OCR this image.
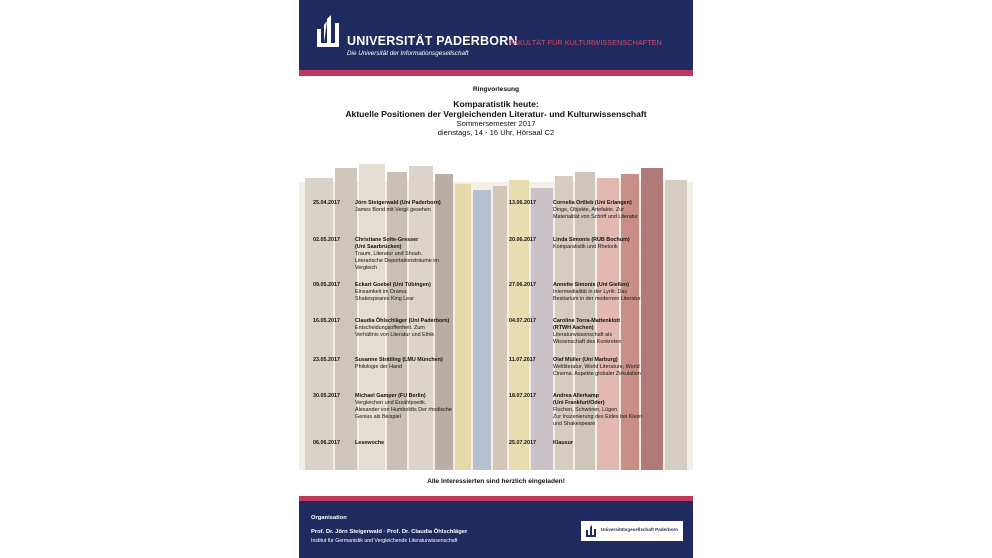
UNIVERSITÄT PADERBORN
Die Universität der Informationsgesellschaft
FAKULTÄT FÜR KULTURWISSENSCHAFTEN
Ringvorlesung
Komparatistik heute:
Aktuelle Positionen der Vergleichenden Literatur- und Kulturwissenschaft
Sommersemester 2017
dienstags, 14 - 16 Uhr, Hörsaal C2
25.04.2017	Jörn Steigerwald (Uni Paderborn)
James Bond mit Vergil gesehen
02.05.2017	Christiane Solte-Gresser
(Uni Saarbrücken)
Traum, Literatur und Shoah.
Literarische Deportationsträume im
Vergleich
09.05.2017	Eckart Goebel (Uni Tübingen)
Einsamkeit im Drama:
Shakespeares King Lear
16.05.2017	Claudia Öhlschläger (Uni Paderborn)
Entscheidungsoffenheit. Zum
Verhältnis von Literatur und Ethik
23.05.2017	Susanne Strätling (LMU München)
Philologie der Hand
30.05.2017	Michael Gamper (FU Berlin)
Vergleichen und Erzählpoetik.
Alexander von Humboldts Der rhodische
Genius als Beispiel
06.06.2017	Lesewoche
13.06.2017	Cornelia Ortlieb (Uni Erlangen)
Dinge, Objekte, Artefakte. Zur
Materialität von Schrift und Literatur
20.06.2017	Linda Simonis (RUB Bochum)
Komparatistik und Rhetorik
27.06.2017	Annette Simonis (Uni Gießen)
Intermedialität in der Lyrik: Das
Bestiarium in der modernen Literatur
04.07.2017	Caroline Torra-Mattenklott
(RTWH Aachen)
Literaturwissenschaft als
Wissenschaft des Konkreten
11.07.2017	Olaf Müller (Uni Marburg)
Weltliteratur, World Literature, World
Cinema. Aspekte globaler Zirkulation
18.07.2017	Andrea Allerkamp
(Uni Frankfurt/Oder)
Fluchen, Schwören, Lügen.
Zur Inszenierung des Eides bei Kleist
und Shakespeare
25.07.2017	Klausur
Alle Interessierten sind herzlich eingeladen!
Organisation
Prof. Dr. Jörn Steigerwald · Prof. Dr. Claudia Öhlschläger
Institut für Germanistik und Vergleichende Literaturwissenschaft
Universitätsgesellschaft Paderborn
